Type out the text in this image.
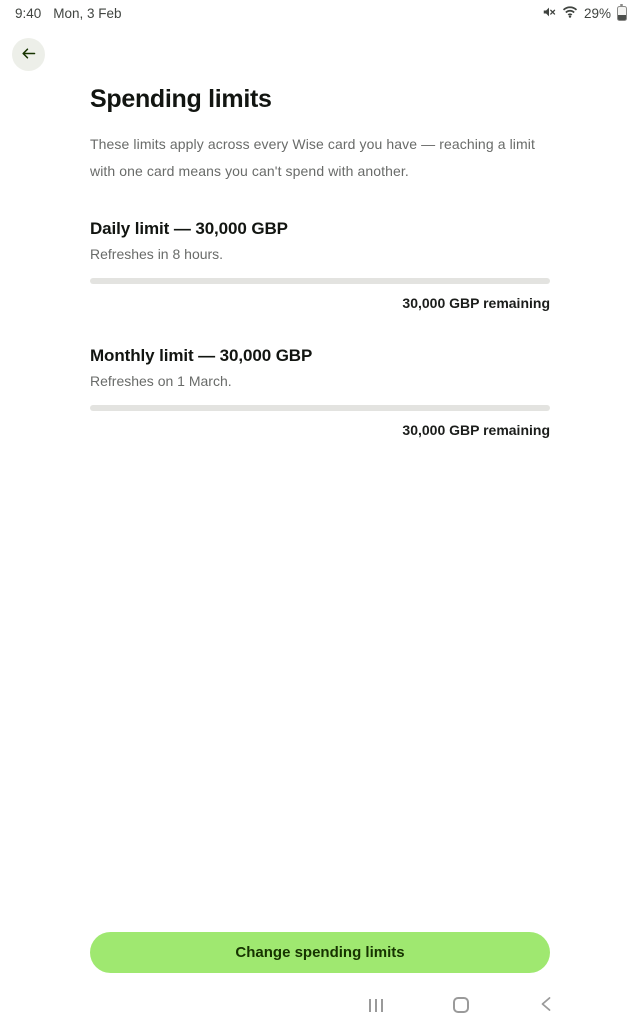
9:40 Mon, 3 Feb	29%
Spending limits

These limits apply across every Wise card you have — reaching a limit with one card means you can't spend with another.

Daily limit — 30,000 GBP

Refreshes in 8 hours.

30,000 GBP remaining

Monthly limit — 30,000 GBP

Refreshes on 1 March.

30,000 GBP remaining

Change spending limits
